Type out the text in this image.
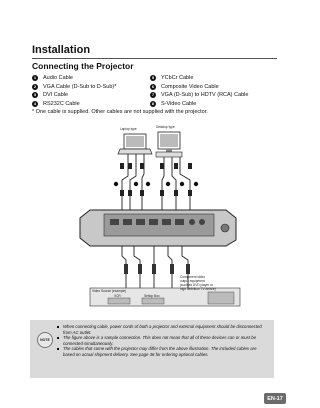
Installation
Connecting the Projector
1	Audio Cable
2	VGA Cable (D-Sub to D-Sub)*
3	DVI Cable
4	RS232C Cable
5	YCbCr Cable
6	Composite Video Cable
7	VGA (D-Sub) to HDTV (RCA) Cable
8	S-Video Cable
* One cable is supplied. Other cables are not supplied with the projector.
Laptop type	Desktop type
Video Source (example)
VCR	Settop Box
Component video
output equipment
(such as DVD player or
high definition TV device)
NOTE
When connecting cable, power cords of both a projector and external equipment should be disconnected from AC outlet.
The figure above is a sample connection. This does not mean that all of these devices can or must be connected simultaneously.
The cables that come with the projector may differ from the above illustration. The included cables are based on actual shipment delivery. See page 36 for ordering optional cables.
EN-17
